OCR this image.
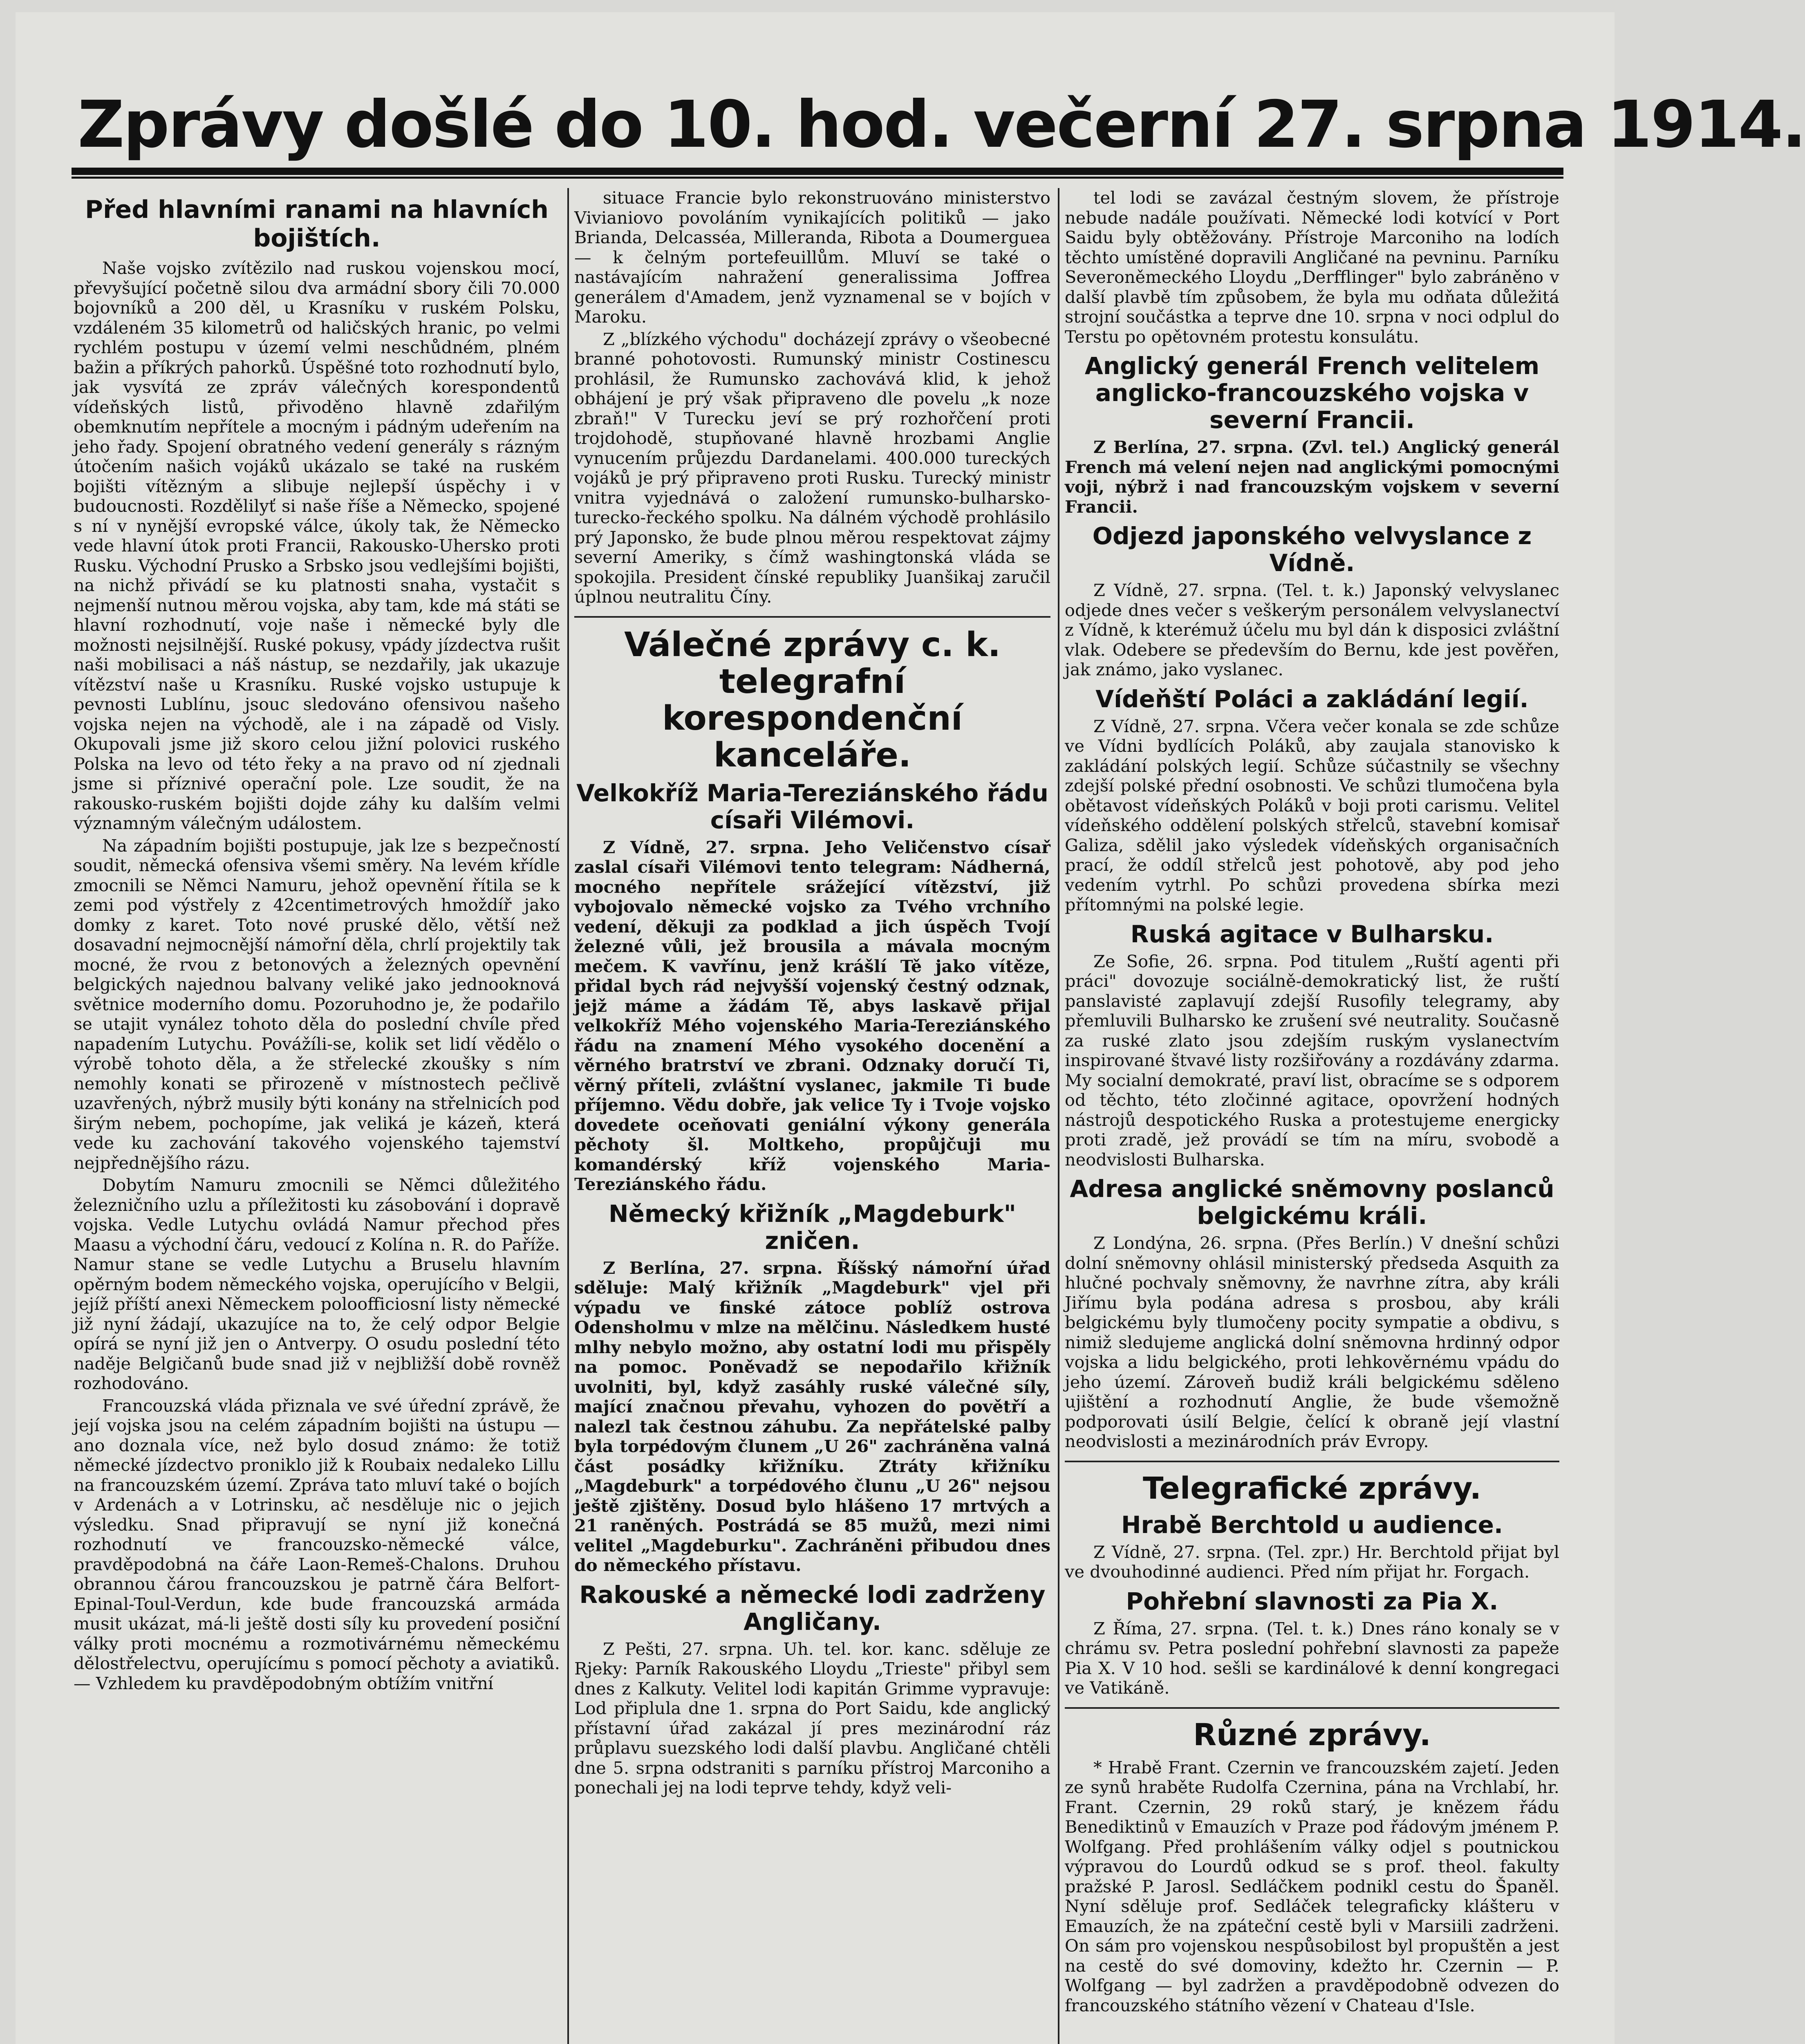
Zprávy došlé do 10. hod. večerní 27. srpna 1914.
Před hlavními ranami na hlavních bojištích.

Naše vojsko zvítězilo nad ruskou vojenskou mocí, převyšující početně silou dva armádní sbory čili 70.000 bojovníků a 200 děl, u Krasníku v ruském Polsku, vzdáleném 35 kilometrů od haličských hranic, po velmi rychlém postupu v území velmi neschůdném, plném bažin a příkrých pahorků. Úspěšné toto rozhodnutí bylo, jak vysvítá ze zpráv válečných korespondentů vídeňských listů, přivoděno hlavně zdařilým obemknutím nepřítele a mocným i pádným udeřením na jeho řady. Spojení obratného vedení generály s rázným útočením našich vojáků ukázalo se také na ruském bojišti vítězným a slibuje nejlepší úspěchy i v budoucnosti. Rozdělilyť si naše říše a Německo, spojené s ní v nynější evropské válce, úkoly tak, že Německo vede hlavní útok proti Francii, Rakousko-Uhersko proti Rusku. Východní Prusko a Srbsko jsou vedlejšími bojišti, na nichž přivádí se ku platnosti snaha, vystačit s nejmenší nutnou měrou vojska, aby tam, kde má státi se hlavní rozhodnutí, voje naše i německé byly dle možnosti nejsilnější. Ruské pokusy, vpády jízdectva rušit naši mobilisaci a náš nástup, se nezdařily, jak ukazuje vítězství naše u Krasníku. Ruské vojsko ustupuje k pevnosti Lublínu, jsouc sledováno ofensivou našeho vojska nejen na východě, ale i na západě od Visly. Okupovali jsme již skoro celou jižní polovici ruského Polska na levo od této řeky a na pravo od ní zjednali jsme si příznivé operační pole. Lze soudit, že na rakousko-ruském bojišti dojde záhy ku dalším velmi významným válečným událostem.

Na západním bojišti postupuje, jak lze s bezpečností soudit, německá ofensiva všemi směry. Na levém křídle zmocnili se Němci Namuru, jehož opevnění řítila se k zemi pod výstřely z 42centimetrových hmoždíř jako domky z karet. Toto nové pruské dělo, větší než dosavadní nejmocnější námořní děla, chrlí projektily tak mocné, že rvou z betonových a železných opevnění belgických najednou balvany veliké jako jednooknová světnice moderního domu. Pozoruhodno je, že podařilo se utajit vynález tohoto děla do poslední chvíle před napadením Lutychu. Povážíli-se, kolik set lidí vědělo o výrobě tohoto děla, a že střelecké zkoušky s ním nemohly konati se přirozeně v místnostech pečlivě uzavřených, nýbrž musily býti konány na střelnicích pod širým nebem, pochopíme, jak veliká je kázeň, která vede ku zachování takového vojenského tajemství nejpřednějšího rázu.

Dobytím Namuru zmocnili se Němci důležitého železničního uzlu a příležitosti ku zásobování i dopravě vojska. Vedle Lutychu ovládá Namur přechod přes Maasu a východní čáru, vedoucí z Kolína n. R. do Paříže. Namur stane se vedle Lutychu a Bruselu hlavním opěrným bodem německého vojska, operujícího v Belgii, jejíž příští anexi Německem poloofficiosní listy německé již nyní žádají, ukazujíce na to, že celý odpor Belgie opírá se nyní již jen o Antverpy. O osudu poslední této naděje Belgičanů bude snad již v nejbližší době rovněž rozhodováno.

Francouzská vláda přiznala ve své úřední zprávě, že její vojska jsou na celém západním bojišti na ústupu — ano doznala více, než bylo dosud známo: že totiž německé jízdectvo proniklo již k Roubaix nedaleko Lillu na francouzském území. Zpráva tato mluví také o bojích v Ardenách a v Lotrinsku, ač nesděluje nic o jejich výsledku. Snad připravují se nyní již konečná rozhodnutí ve francouzsko-německé válce, pravděpodobná na čáře Laon-Remeš-Chalons. Druhou obrannou čárou francouzskou je patrně čára Belfort-Epinal-Toul-Verdun, kde bude francouzská armáda musit ukázat, má-li ještě dosti síly ku provedení posiční války proti mocnému a rozmotivárnému německému dělostřelectvu, operujícímu s pomocí pěchoty a aviatiků. — Vzhledem ku pravděpodobným obtížím vnitřní

situace Francie bylo rekonstruováno ministerstvo Vivianiovo povoláním vynikajících politiků — jako Brianda, Delcasséa, Milleranda, Ribota a Doumerguea — k čelným portefeuillům. Mluví se také o nastávajícím nahražení generalissima Joffrea generálem d'Amadem, jenž vyznamenal se v bojích v Maroku.

Z „blízkého východu" docházejí zprávy o všeobecné branné pohotovosti. Rumunský ministr Costinescu prohlásil, že Rumunsko zachovává klid, k jehož obhájení je prý však připraveno dle povelu „k noze zbraň!" V Turecku jeví se prý rozhořčení proti trojdohodě, stupňované hlavně hrozbami Anglie vynucením průjezdu Dardanelami. 400.000 tureckých vojáků je prý připraveno proti Rusku. Turecký ministr vnitra vyjednává o založení rumunsko-bulharsko-turecko-řeckého spolku. Na dálném východě prohlásilo prý Japonsko, že bude plnou měrou respektovat zájmy severní Ameriky, s čímž washingtonská vláda se spokojila. President čínské republiky Juanšikaj zaručil úplnou neutralitu Číny.

Válečné zprávy c. k. telegrafní korespondenční kanceláře.
Velkokříž Maria-Tereziánského řádu císaři Vilémovi.

Z Vídně, 27. srpna. Jeho Veličenstvo císař zaslal císaři Vilémovi tento telegram: Nádherná, mocného nepřítele srážející vítězství, již vybojovalo německé vojsko za Tvého vrchního vedení, děkuji za podklad a jich úspěch Tvojí železné vůli, jež brousila a mávala mocným mečem. K vavřínu, jenž krášlí Tě jako vítěze, přidal bych rád nejvyšší vojenský čestný odznak, jejž máme a žádám Tě, abys laskavě přijal velkokříž Mého vojenského Maria-Tereziánského řádu na znamení Mého vysokého docenění a věrného bratrství ve zbrani. Odznaky doručí Ti, věrný příteli, zvláštní vyslanec, jakmile Ti bude příjemno. Vědu dobře, jak velice Ty i Tvoje vojsko dovedete oceňovati geniální výkony generála pěchoty šl. Moltkeho, propůjčuji mu komandérský kříž vojenského Maria-Tereziánského řádu.

Německý křižník „Magdeburk" zničen.

Z Berlína, 27. srpna. Říšský námořní úřad sděluje: Malý křižník „Magdeburk" vjel při výpadu ve finské zátoce poblíž ostrova Odensholmu v mlze na mělčinu. Následkem husté mlhy nebylo možno, aby ostatní lodi mu přispěly na pomoc. Poněvadž se nepodařilo křižník uvolniti, byl, když zasáhly ruské válečné síly, mající značnou převahu, vyhozen do povětří a nalezl tak čestnou záhubu. Za nepřátelské palby byla torpédovým člunem „U 26" zachráněna valná část posádky křižníku. Ztráty křižníku „Magdeburk" a torpédového člunu „U 26" nejsou ještě zjištěny. Dosud bylo hlášeno 17 mrtvých a 21 raněných. Postrádá se 85 mužů, mezi nimi velitel „Magdeburku". Zachráněni přibudou dnes do německého přístavu.

Rakouské a německé lodi zadrženy Angličany.

Z Pešti, 27. srpna. Uh. tel. kor. kanc. sděluje ze Rjeky: Parník Rakouského Lloydu „Trieste" přibyl sem dnes z Kalkuty. Velitel lodi kapitán Grimme vypravuje: Lod připlula dne 1. srpna do Port Saidu, kde anglický přístavní úřad zakázal jí pres mezinárodní ráz průplavu suezského lodi další plavbu. Angličané chtěli dne 5. srpna odstraniti s parníku přístroj Marconiho a ponechali jej na lodi teprve tehdy, když veli-

tel lodi se zavázal čestným slovem, že přístroje nebude nadále používati. Německé lodi kotvící v Port Saidu byly obtěžovány. Přístroje Marconiho na lodích těchto umístěné dopravili Angličané na pevninu. Parníku Severoněmeckého Lloydu „Derfflinger" bylo zabráněno v další plavbě tím způsobem, že byla mu odňata důležitá strojní součástka a teprve dne 10. srpna v noci odplul do Terstu po opětovném protestu konsulátu.

Anglický generál French velitelem anglicko-francouzského vojska v severní Francii.

Z Berlína, 27. srpna. (Zvl. tel.) Anglický generál French má velení nejen nad anglickými pomocnými voji, nýbrž i nad francouzským vojskem v severní Francii.

Odjezd japonského velvyslance z Vídně.

Z Vídně, 27. srpna. (Tel. t. k.) Japonský velvyslanec odjede dnes večer s veškerým personálem velvyslanectví z Vídně, k kterémuž účelu mu byl dán k disposici zvláštní vlak. Odebere se především do Bernu, kde jest pověřen, jak známo, jako vyslanec.

Vídeňští Poláci a zakládání legií.

Z Vídně, 27. srpna. Včera večer konala se zde schůze ve Vídni bydlících Poláků, aby zaujala stanovisko k zakládání polských legií. Schůze súčastnily se všechny zdejší polské přední osobnosti. Ve schůzi tlumočena byla obětavost vídeňských Poláků v boji proti carismu. Velitel vídeňského oddělení polských střelců, stavební komisař Galiza, sdělil jako výsledek vídeňských organisačních prací, že oddíl střelců jest pohotově, aby pod jeho vedením vytrhl. Po schůzi provedena sbírka mezi přítomnými na polské legie.

Ruská agitace v Bulharsku.

Ze Sofie, 26. srpna. Pod titulem „Ruští agenti při práci" dovozuje sociálně-demokratický list, že ruští panslavisté zaplavují zdejší Rusofily telegramy, aby přemluvili Bulharsko ke zrušení své neutrality. Současně za ruské zlato jsou zdejším ruským vyslanectvím inspirované štvavé listy rozšiřovány a rozdávány zdarma. My socialní demokraté, praví list, obracíme se s odporem od těchto, této zločinné agitace, opovržení hodných nástrojů despotického Ruska a protestujeme energicky proti zradě, jež provádí se tím na míru, svobodě a neodvislosti Bulharska.

Adresa anglické sněmovny poslanců belgickému králi.

Z Londýna, 26. srpna. (Přes Berlín.) V dnešní schůzi dolní sněmovny ohlásil ministerský předseda Asquith za hlučné pochvaly sněmovny, že navrhne zítra, aby králi Jiřímu byla podána adresa s prosbou, aby králi belgickému byly tlumočeny pocity sympatie a obdivu, s nimiž sledujeme anglická dolní sněmovna hrdinný odpor vojska a lidu belgického, proti lehkověrnému vpádu do jeho území. Zároveň budiž králi belgickému sděleno ujištění a rozhodnutí Anglie, že bude všemožně podporovati úsilí Belgie, čelící k obraně její vlastní neodvislosti a mezinárodních práv Evropy.

Telegrafické zprávy.
Hrabě Berchtold u audience.

Z Vídně, 27. srpna. (Tel. zpr.) Hr. Berchtold přijat byl ve dvouhodinné audienci. Před ním přijat hr. Forgach.

Pohřební slavnosti za Pia X.

Z Říma, 27. srpna. (Tel. t. k.) Dnes ráno konaly se v chrámu sv. Petra poslední pohřební slavnosti za papeže Pia X. V 10 hod. sešli se kardinálové k denní kongregaci ve Vatikáně.

Různé zprávy.

* Hrabě Frant. Czernin ve francouzském zajetí. Jeden ze synů hraběte Rudolfa Czernina, pána na Vrchlabí, hr. Frant. Czernin, 29 roků starý, je knězem řádu Benediktinů v Emauzích v Praze pod řádovým jménem P. Wolfgang. Před prohlášením války odjel s poutnickou výpravou do Lourdů odkud se s prof. theol. fakulty pražské P. Jarosl. Sedláčkem podnikl cestu do Španěl. Nyní sděluje prof. Sedláček telegraficky klášteru v Emauzích, že na zpáteční cestě byli v Marsiili zadrženi. On sám pro vojenskou nespůsobilost byl propuštěn a jest na cestě do své domoviny, kdežto hr. Czernin — P. Wolfgang — byl zadržen a pravděpodobně odvezen do francouzského státního vězení v Chateau d'Isle.
